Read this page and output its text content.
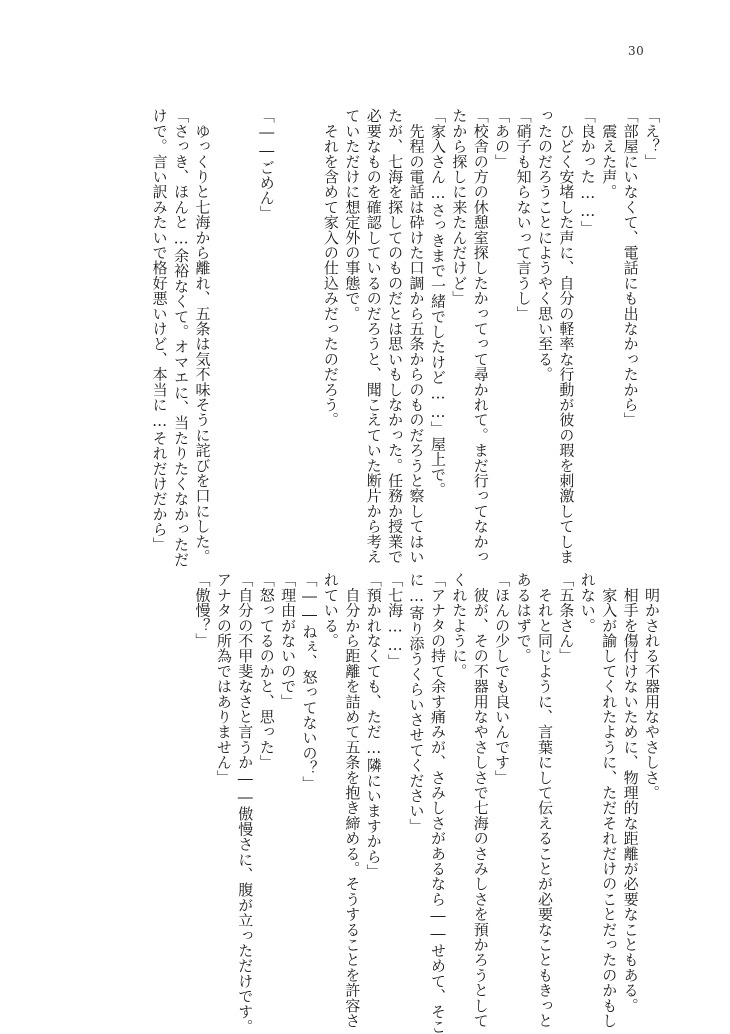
30
「え？」
「部屋にいなくて、電話にも出なかったから」
　震えた声。
「良かった……」
　ひどく安堵した声に、自分の軽率な行動が彼の瑕を刺激してしま
ったのだろうことにようやく思い至る。
「硝子も知らないって言うし」
「あの」
「校舎の方の休憩室探したかってって尋かれて。まだ行ってなかっ
たから探しに来たんだけど」
「家入さん…さっきまで一緒でしたけど……」屋上で。
　先程の電話は砕けた口調から五条からのものだろうと察してはい
たが、七海を探してのものだとは思いもしなかった。任務か授業で
必要なものを確認しているのだろうと、聞こえていた断片から考え
ていただけに想定外の事態で。
　それを含めて家入の仕込みだったのだろう。

「――ごめん」

　ゆっくりと七海から離れ、五条は気不味そうに詫びを口にした。
「さっき、ほんと…余裕なくて。オマエに、当たりたくなかっただ
けで。言い訳みたいで格好悪いけど、本当に…それだけだから」
　明かされる不器用なやさしさ。
　相手を傷付けないために、物理的な距離が必要なこともある。
　家入が諭してくれたように、ただそれだけのことだったのかもし
れない。
「五条さん」
　それと同じように、言葉にして伝えることが必要なこともきっと
あるはずで。
「ほんの少しでも良いんです」
　彼が、その不器用なやさしさで七海のさみしさを預かろうとして
くれたように。
「アナタの持て余す痛みが、さみしさがあるなら――せめて、そこ
に…寄り添うくらいさせてください」
「七海……」
「預かれなくても、ただ…隣にいますから」
　自分から距離を詰めて五条を抱き締める。そうすることを許容さ
れている。
「――ねぇ、怒ってないの？」
「理由がないので」
「怒ってるのかと、思った」
「自分の不甲斐なさと言うか――傲慢さに、腹が立っただけです。
アナタの所為ではありません」
「傲慢？」
